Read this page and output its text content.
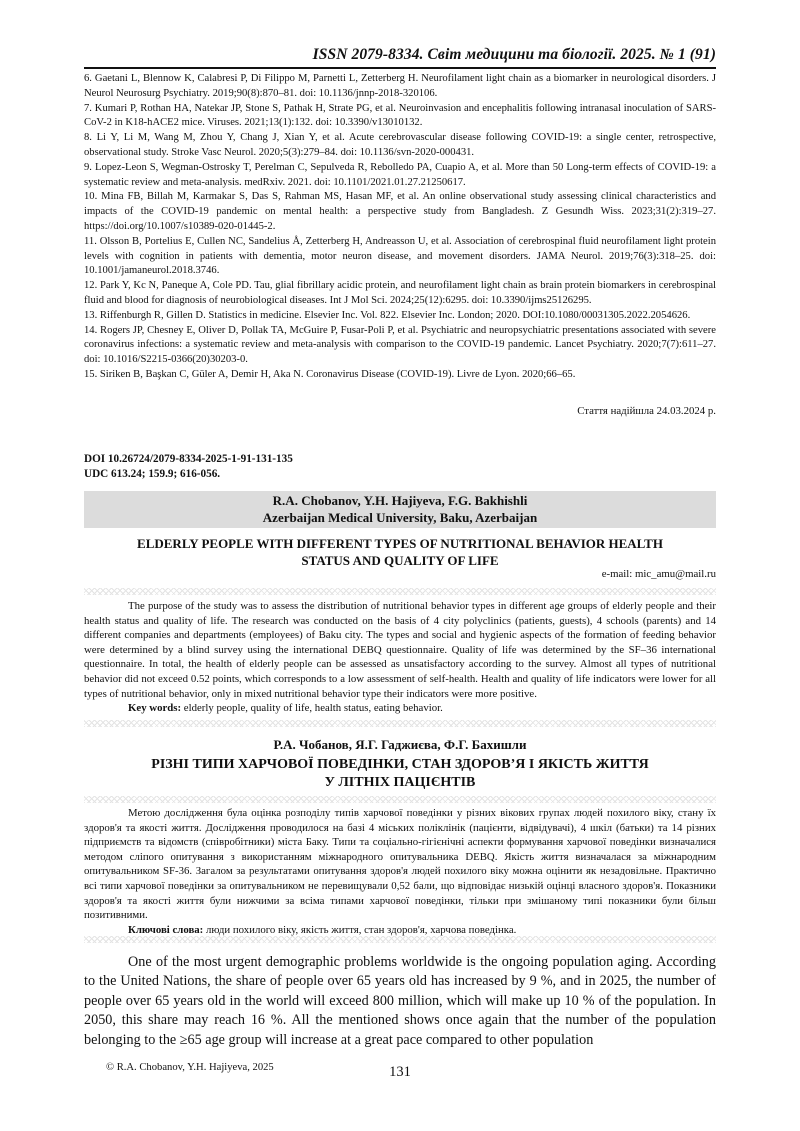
ISSN 2079-8334. Світ медицини та біології. 2025. № 1 (91)

6. Gaetani L, Blennow K, Calabresi P, Di Filippo M, Parnetti L, Zetterberg H. Neurofilament light chain as a biomarker in neurological disorders. J Neurol Neurosurg Psychiatry. 2019;90(8):870–81. doi: 10.1136/jnnp-2018-320106.

7. Kumari P, Rothan HA, Natekar JP, Stone S, Pathak H, Strate PG, et al. Neuroinvasion and encephalitis following intranasal inoculation of SARS-CoV-2 in K18-hACE2 mice. Viruses. 2021;13(1):132. doi: 10.3390/v13010132.

8. Li Y, Li M, Wang M, Zhou Y, Chang J, Xian Y, et al. Acute cerebrovascular disease following COVID-19: a single center, retrospective, observational study. Stroke Vasc Neurol. 2020;5(3):279–84. doi: 10.1136/svn-2020-000431.

9. Lopez-Leon S, Wegman-Ostrosky T, Perelman C, Sepulveda R, Rebolledo PA, Cuapio A, et al. More than 50 Long-term effects of COVID-19: a systematic review and meta-analysis. medRxiv. 2021. doi: 10.1101/2021.01.27.21250617.

10. Mina FB, Billah M, Karmakar S, Das S, Rahman MS, Hasan MF, et al. An online observational study assessing clinical characteristics and impacts of the COVID-19 pandemic on mental health: a perspective study from Bangladesh. Z Gesundh Wiss. 2023;31(2):319–27. https://doi.org/10.1007/s10389-020-01445-2.

11. Olsson B, Portelius E, Cullen NC, Sandelius Å, Zetterberg H, Andreasson U, et al. Association of cerebrospinal fluid neurofilament light protein levels with cognition in patients with dementia, motor neuron disease, and movement disorders. JAMA Neurol. 2019;76(3):318–25. doi: 10.1001/jamaneurol.2018.3746.

12. Park Y, Kc N, Paneque A, Cole PD. Tau, glial fibrillary acidic protein, and neurofilament light chain as brain protein biomarkers in cerebrospinal fluid and blood for diagnosis of neurobiological diseases. Int J Mol Sci. 2024;25(12):6295. doi: 10.3390/ijms25126295.

13. Riffenburgh R, Gillen D. Statistics in medicine. Elsevier Inc. Vol. 822. Elsevier Inc. London; 2020. DOI:10.1080/00031305.2022.2054626.

14. Rogers JP, Chesney E, Oliver D, Pollak TA, McGuire P, Fusar-Poli P, et al. Psychiatric and neuropsychiatric presentations associated with severe coronavirus infections: a systematic review and meta-analysis with comparison to the COVID-19 pandemic. Lancet Psychiatry. 2020;7(7):611–27. doi: 10.1016/S2215-0366(20)30203-0.

15. Siriken B, Başkan C, Güler A, Demir H, Aka N. Coronavirus Disease (COVID-19). Livre de Lyon. 2020;66–65.

Стаття надійшла 24.03.2024 р.
DOI 10.26724/2079-8334-2025-1-91-131-135
UDC 613.24; 159.9; 616-056.
R.A. Chobanov, Y.H. Hajiyeva, F.G. Bakhishli
Azerbaijan Medical University, Baku, Azerbaijan
ELDERLY PEOPLE WITH DIFFERENT TYPES OF NUTRITIONAL BEHAVIOR HEALTH
STATUS AND QUALITY OF LIFE
e-mail: mic_amu@mail.ru

The purpose of the study was to assess the distribution of nutritional behavior types in different age groups of elderly people and their health status and quality of life. The research was conducted on the basis of 4 city polyclinics (patients, guests), 4 schools (parents) and 14 different companies and departments (employees) of Baku city. The types and social and hygienic aspects of the formation of feeding behavior were determined by a blind survey using the international DEBQ questionnaire. Quality of life was determined by the SF–36 international questionnaire. In total, the health of elderly people can be assessed as unsatisfactory according to the survey. Almost all types of nutritional behavior did not exceed 0.52 points, which corresponds to a low assessment of self-health. Health and quality of life indicators were lower for all types of nutritional behavior, only in mixed nutritional behavior type their indicators were more positive.

Key words: elderly people, quality of life, health status, eating behavior.

Р.А. Чобанов, Я.Г. Гаджиєва, Ф.Г. Бахишли
РІЗНІ ТИПИ ХАРЧОВОЇ ПОВЕДІНКИ, СТАН ЗДОРОВ’Я І ЯКІСТЬ ЖИТТЯ
У ЛІТНІХ ПАЦІЄНТІВ

Метою дослідження була оцінка розподілу типів харчової поведінки у різних вікових групах людей похилого віку, стану їх здоров'я та якості життя. Дослідження проводилося на базі 4 міських поліклінік (пацієнти, відвідувачі), 4 шкіл (батьки) та 14 різних підприємств та відомств (співробітники) міста Баку. Типи та соціально-гігієнічні аспекти формування харчової поведінки визначалися методом сліпого опитування з використанням міжнародного опитувальника DEBQ. Якість життя визначалася за міжнародним опитувальником SF-36. Загалом за результатами опитування здоров'я людей похилого віку можна оцінити як незадовільне. Практично всі типи харчової поведінки за опитувальником не перевищували 0,52 бали, що відповідає низькій оцінці власного здоров'я. Показники здоров'я та якості життя були нижчими за всіма типами харчової поведінки, тільки при змішаному типі показники були більш позитивними.

Ключові слова: люди похилого віку, якість життя, стан здоров'я, харчова поведінка.

One of the most urgent demographic problems worldwide is the ongoing population aging. According to the United Nations, the share of people over 65 years old has increased by 9 %, and in 2025, the number of people over 65 years old in the world will exceed 800 million, which will make up 10 % of the population. In 2050, this share may reach 16 %. All the mentioned shows once again that the number of the population belonging to the ≥65 age group will increase at a great pace compared to other population

© R.A. Chobanov, Y.H. Hajiyeva, 2025	131
